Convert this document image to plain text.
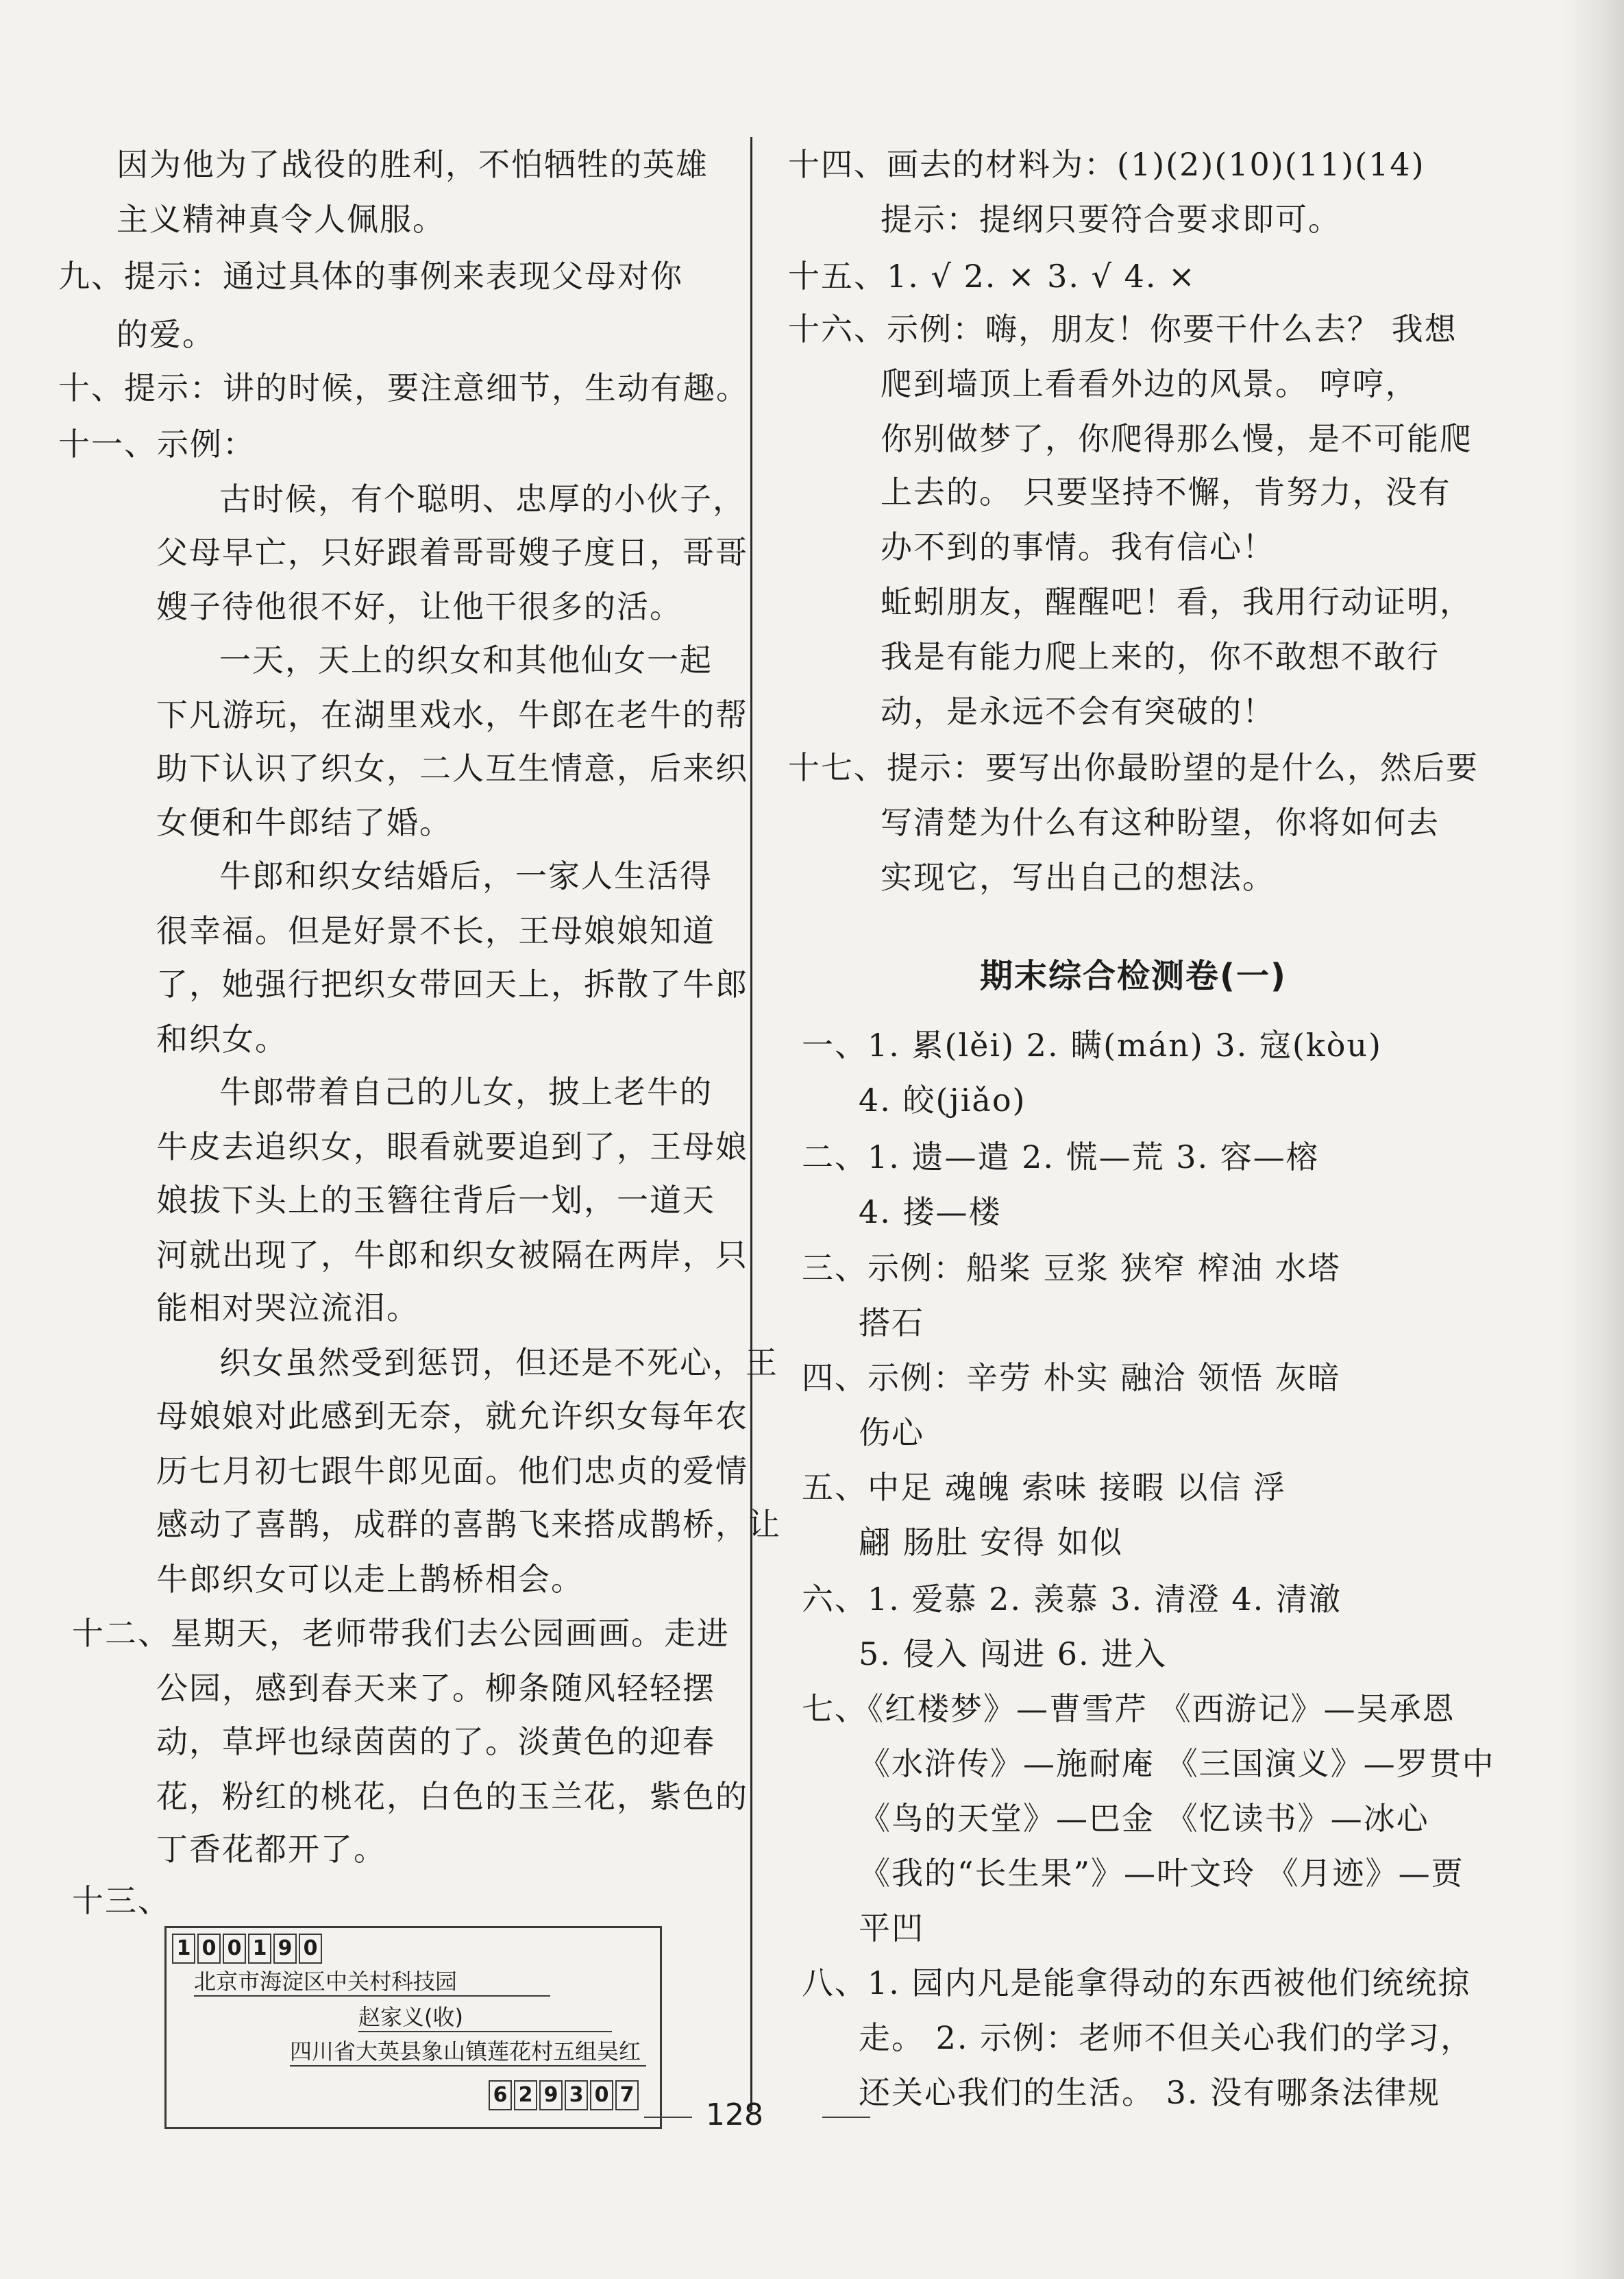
因为他为了战役的胜利，不怕牺牲的英雄
主义精神真令人佩服。
九、提示：通过具体的事例来表现父母对你
的爱。
十、提示：讲的时候，要注意细节，生动有趣。
十一、示例：
古时候，有个聪明、忠厚的小伙子，
父母早亡，只好跟着哥哥嫂子度日，哥哥
嫂子待他很不好，让他干很多的活。
一天，天上的织女和其他仙女一起
下凡游玩，在湖里戏水，牛郎在老牛的帮
助下认识了织女，二人互生情意，后来织
女便和牛郎结了婚。
牛郎和织女结婚后，一家人生活得
很幸福。但是好景不长，王母娘娘知道
了，她强行把织女带回天上，拆散了牛郎
和织女。
牛郎带着自己的儿女，披上老牛的
牛皮去追织女，眼看就要追到了，王母娘
娘拔下头上的玉簪往背后一划，一道天
河就出现了，牛郎和织女被隔在两岸，只
能相对哭泣流泪。
织女虽然受到惩罚，但还是不死心，王
母娘娘对此感到无奈，就允许织女每年农
历七月初七跟牛郎见面。他们忠贞的爱情
感动了喜鹊，成群的喜鹊飞来搭成鹊桥，让
牛郎织女可以走上鹊桥相会。
十二、星期天，老师带我们去公园画画。走进
公园，感到春天来了。柳条随风轻轻摆
动，草坪也绿茵茵的了。淡黄色的迎春
花，粉红的桃花，白色的玉兰花，紫色的
丁香花都开了。
十三、
1 0 0 1 9 0
北京市海淀区中关村科技园
赵家义(收)
四川省大英县象山镇莲花村五组吴红
6 2 9 3 0 7
十四、画去的材料为：(1)(2)(10)(11)(14)
提示：提纲只要符合要求即可。
十五、1. √ 2. × 3. √ 4. ×
十六、示例：嗨，朋友！你要干什么去？ 我想
爬到墙顶上看看外边的风景。 哼哼，
你别做梦了，你爬得那么慢，是不可能爬
上去的。 只要坚持不懈，肯努力，没有
办不到的事情。我有信心！
蚯蚓朋友，醒醒吧！看，我用行动证明，
我是有能力爬上来的，你不敢想不敢行
动，是永远不会有突破的！
十七、提示：要写出你最盼望的是什么，然后要
写清楚为什么有这种盼望，你将如何去
实现它，写出自己的想法。
一、1. 累(lěi) 2. 瞒(mán) 3. 寇(kòu)
4. 皎(jiǎo)
二、1. 遗—遣 2. 慌—荒 3. 容—榕
4. 搂—楼
三、示例：船桨 豆浆 狭窄 榨油 水塔
搭石
四、示例：辛劳 朴实 融洽 领悟 灰暗
伤心
五、中足 魂魄 索味 接暇 以信 浮
翩 肠肚 安得 如似
六、1. 爱慕 2. 羡慕 3. 清澄 4. 清澈
5. 侵入 闯进 6. 进入
七、《红楼梦》—曹雪芹 《西游记》—吴承恩
《水浒传》—施耐庵 《三国演义》—罗贯中
《鸟的天堂》—巴金 《忆读书》—冰心
《我的“长生果”》—叶文玲 《月迹》—贾
平凹
八、1. 园内凡是能拿得动的东西被他们统统掠
走。 2. 示例：老师不但关心我们的学习，
还关心我们的生活。 3. 没有哪条法律规
期末综合检测卷(一)
128
